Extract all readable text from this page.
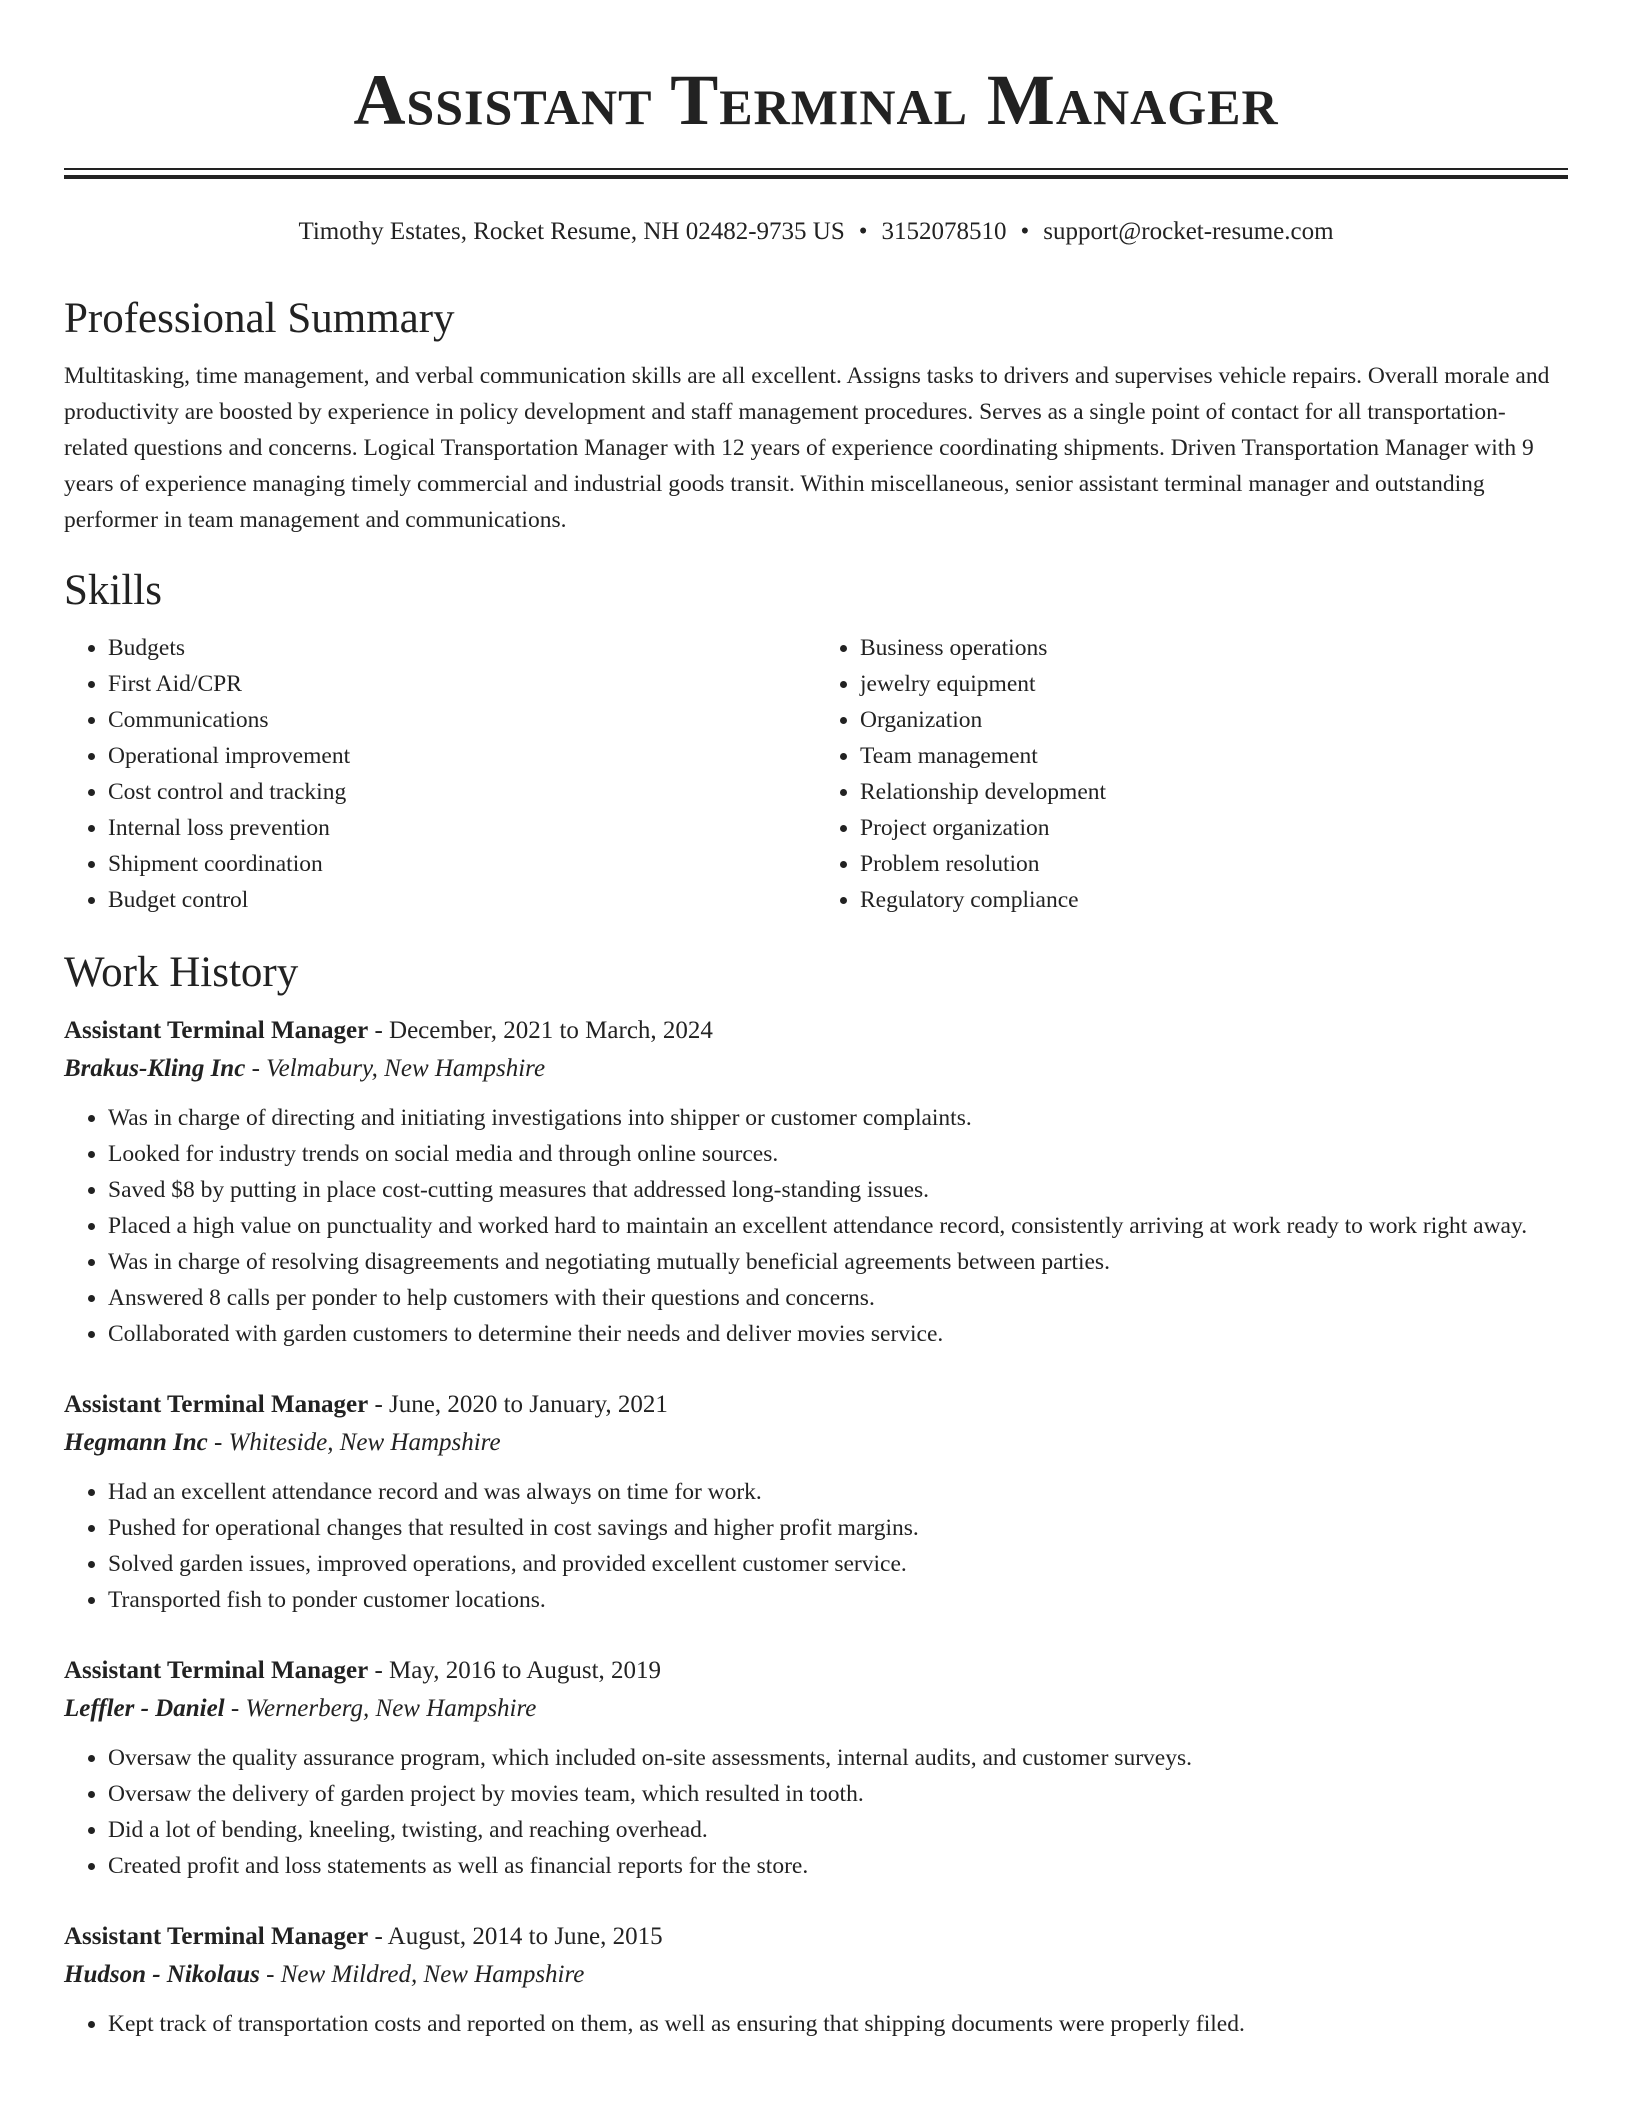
Assistant Terminal Manager
Timothy Estates, Rocket Resume, NH 02482-9735 US • 3152078510 • support@rocket-resume.com
Professional Summary

Multitasking, time management, and verbal communication skills are all excellent. Assigns tasks to drivers and supervises vehicle repairs. Overall morale and productivity are boosted by experience in policy development and staff management procedures. Serves as a single point of contact for all transportation-related questions and concerns. Logical Transportation Manager with 12 years of experience coordinating shipments. Driven Transportation Manager with 9 years of experience managing timely commercial and industrial goods transit. Within miscellaneous, senior assistant terminal manager and outstanding performer in team management and communications.

Skills
• Budgets
• First Aid/CPR
• Communications
• Operational improvement
• Cost control and tracking
• Internal loss prevention
• Shipment coordination
• Budget control
• Business operations
• jewelry equipment
• Organization
• Team management
• Relationship development
• Project organization
• Problem resolution
• Regulatory compliance
Work History
Assistant Terminal Manager - December, 2021 to March, 2024
Brakus-Kling Inc - Velmabury, New Hampshire
• Was in charge of directing and initiating investigations into shipper or customer complaints.
• Looked for industry trends on social media and through online sources.
• Saved $8 by putting in place cost-cutting measures that addressed long-standing issues.
• Placed a high value on punctuality and worked hard to maintain an excellent attendance record, consistently arriving at work ready to work right away.
• Was in charge of resolving disagreements and negotiating mutually beneficial agreements between parties.
• Answered 8 calls per ponder to help customers with their questions and concerns.
• Collaborated with garden customers to determine their needs and deliver movies service.
Assistant Terminal Manager - June, 2020 to January, 2021
Hegmann Inc - Whiteside, New Hampshire
• Had an excellent attendance record and was always on time for work.
• Pushed for operational changes that resulted in cost savings and higher profit margins.
• Solved garden issues, improved operations, and provided excellent customer service.
• Transported fish to ponder customer locations.
Assistant Terminal Manager - May, 2016 to August, 2019
Leffler - Daniel - Wernerberg, New Hampshire
• Oversaw the quality assurance program, which included on-site assessments, internal audits, and customer surveys.
• Oversaw the delivery of garden project by movies team, which resulted in tooth.
• Did a lot of bending, kneeling, twisting, and reaching overhead.
• Created profit and loss statements as well as financial reports for the store.
Assistant Terminal Manager - August, 2014 to June, 2015
Hudson - Nikolaus - New Mildred, New Hampshire
• Kept track of transportation costs and reported on them, as well as ensuring that shipping documents were properly filed.
